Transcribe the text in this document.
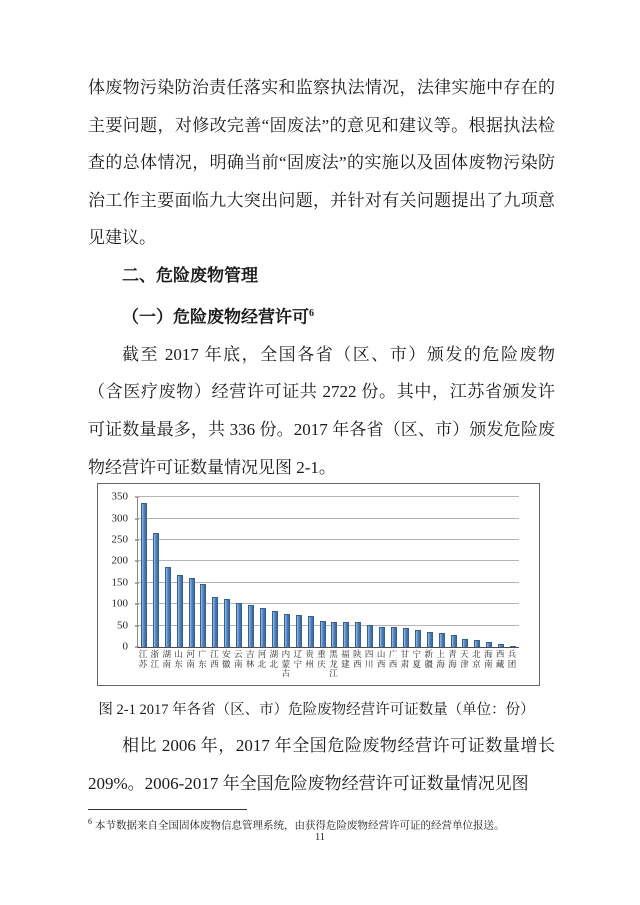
体废物污染防治责任落实和监察执法情况，法律实施中存在的主要问题，对修改完善“固废法”的意见和建议等。根据执法检查的总体情况，明确当前“固废法”的实施以及固体废物污染防治工作主要面临九大突出问题，并针对有关问题提出了九项意见建议。

二、危险废物管理

（一）危险废物经营许可$^6$

截至 2017 年底，全国各省（区、市）颁发的危险废物（含医疗废物）经营许可证共 2722 份。其中，江苏省颁发许可证数量最多，共 336 份。2017 年各省（区、市）颁发危险废物经营许可证数量情况见图 2-1。

0
50
100
150
200
250
300
350
江苏
浙江
湖南
山东
河南
广东
江西
安徽
云南
吉林
河北
湖北
内蒙古
辽宁
贵州
重庆
黑龙江
福建
陕西
四川
山西
广西
甘肃
宁夏
新疆
上海
青海
天津
北京
海南
西藏
兵团

图 2-1 2017 年各省（区、市）危险废物经营许可证数量（单位：份）

相比 2006 年，2017 年全国危险废物经营许可证数量增长 209%。2006-2017 年全国危险废物经营许可证数量情况见图

$^6$ 本节数据来自全国固体废物信息管理系统，由获得危险废物经营许可证的经营单位报送。
11
